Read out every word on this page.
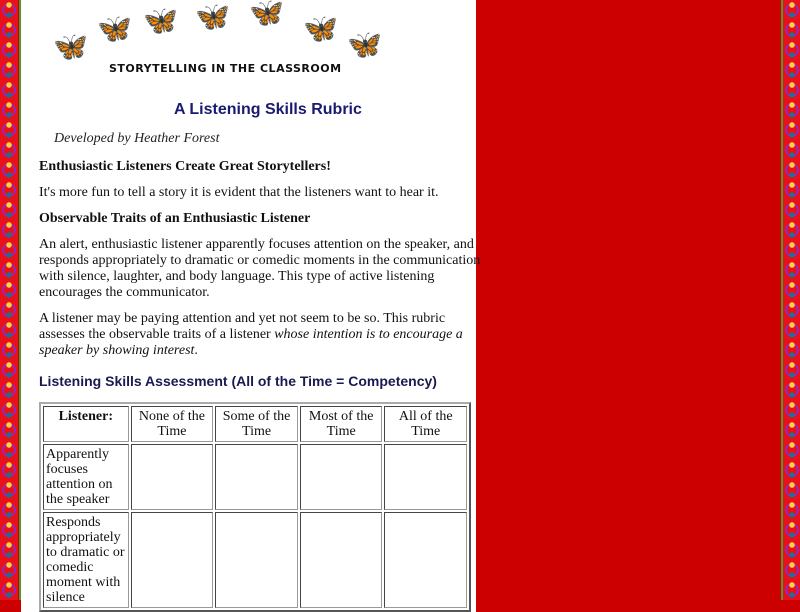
🦋
🦋 🦋 🦋 🦋
🦋
🦋
STORYTELLING IN THE CLASSROOM
A Listening Skills Rubric
Developed by Heather Forest
Enthusiastic Listeners Create Great Storytellers!
It's more fun to tell a story it is evident that the listeners want to hear it.
Observable Traits of an Enthusiastic Listener
An alert, enthusiastic listener apparently focuses attention on the speaker, and responds appropriately to dramatic or comedic moments in the communication with silence, laughter, and body language. This type of active listening encourages the communicator.
A listener may be paying attention and yet not seem to be so. This rubric assesses the observable traits of a listener whose intention is to encourage a speaker by showing interest.
Listening Skills Assessment (All of the Time = Competency)
Listener:	None of the Time	Some of the Time	Most of the Time	All of the Time
Apparently focuses attention on the speaker				
Responds appropriately to dramatic or comedic moment with silence				
